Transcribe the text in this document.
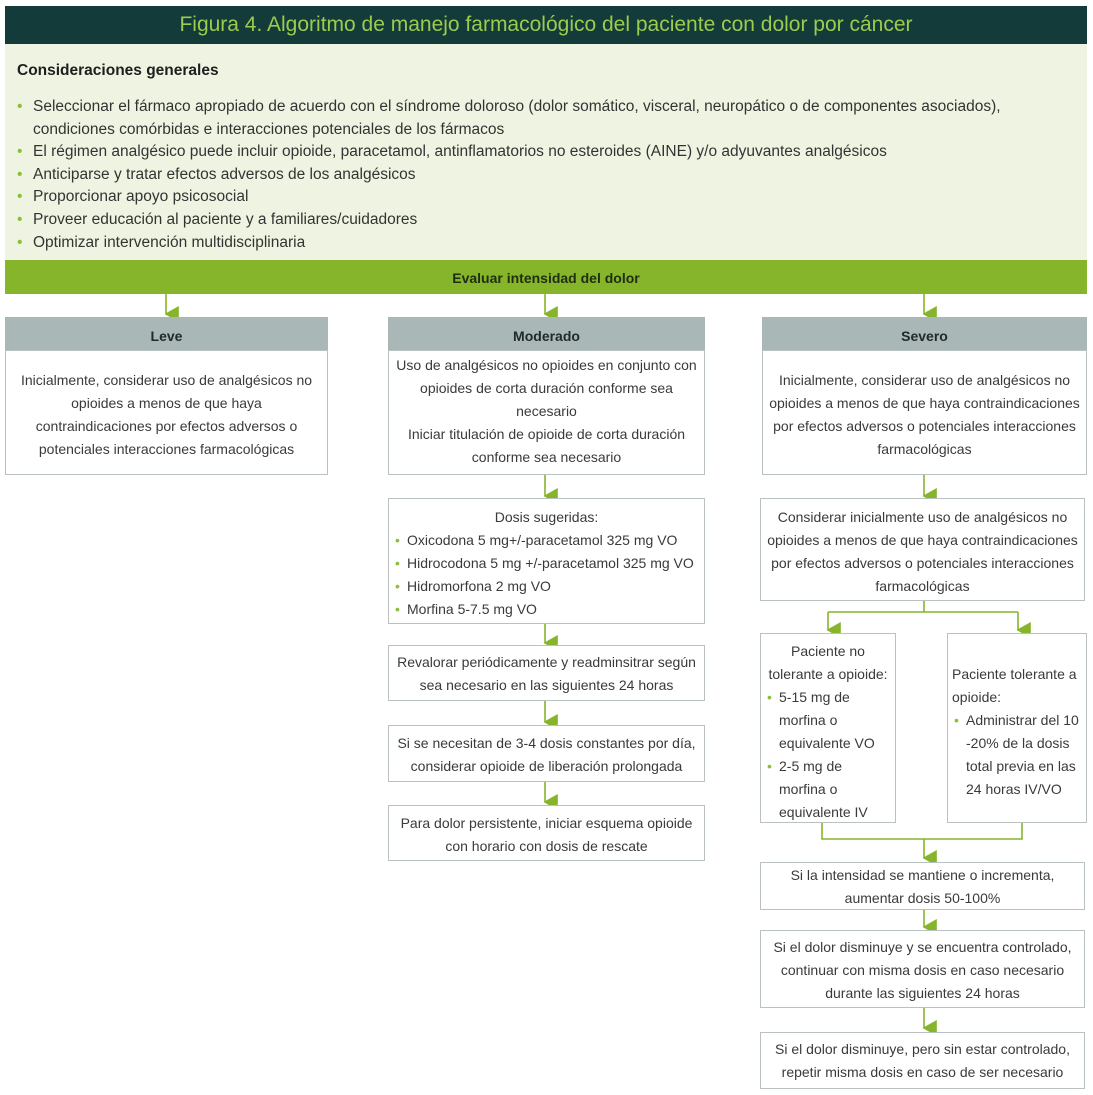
Figura 4. Algoritmo de manejo farmacológico del paciente con dolor por cáncer

Consideraciones generales

• Seleccionar el fármaco apropiado de acuerdo con el síndrome doloroso (dolor somático, visceral, neuropático o de componentes asociados), condiciones comórbidas e interacciones potenciales de los fármacos
• El régimen analgésico puede incluir opioide, paracetamol, antinflamatorios no esteroides (AINE) y/o adyuvantes analgésicos
• Anticiparse y tratar efectos adversos de los analgésicos
• Proporcionar apoyo psicosocial
• Proveer educación al paciente y a familiares/cuidadores
• Optimizar intervención multidisciplinaria
Evaluar intensidad del dolor
Leve

Inicialmente, considerar uso de analgésicos no opioides a menos de que haya contraindicaciones por efectos adversos o potenciales interacciones farmacológicas

Moderado

Uso de analgésicos no opioides en conjunto con opioides de corta duración conforme sea necesario

Iniciar titulación de opioide de corta duración conforme sea necesario

Dosis sugeridas:

• Oxicodona 5 mg+/-paracetamol 325 mg VO
• Hidrocodona 5 mg +/-paracetamol 325 mg VO
• Hidromorfona 2 mg VO
• Morfina 5-7.5 mg VO

Revalorar periódicamente y readminsitrar según sea necesario en las siguientes 24 horas

Si se necesitan de 3-4 dosis constantes por día, considerar opioide de liberación prolongada

Para dolor persistente, iniciar esquema opioide con horario con dosis de rescate

Severo

Inicialmente, considerar uso de analgésicos no opioides a menos de que haya contraindicaciones por efectos adversos o potenciales interacciones farmacológicas

Considerar inicialmente uso de analgésicos no opioides a menos de que haya contraindicaciones por efectos adversos o potenciales interacciones farmacológicas

Paciente no tolerante a opioide:

• 5-15 mg de morfina o equivalente VO
• 2-5 mg de morfina o equivalente IV

Paciente tolerante a opioide:

• Administrar del 10 -20% de la dosis total previa en las 24 horas IV/VO

Si la intensidad se mantiene o incrementa, aumentar dosis 50-100%

Si el dolor disminuye y se encuentra controlado, continuar con misma dosis en caso necesario durante las siguientes 24 horas

Si el dolor disminuye, pero sin estar controlado, repetir misma dosis en caso de ser necesario
